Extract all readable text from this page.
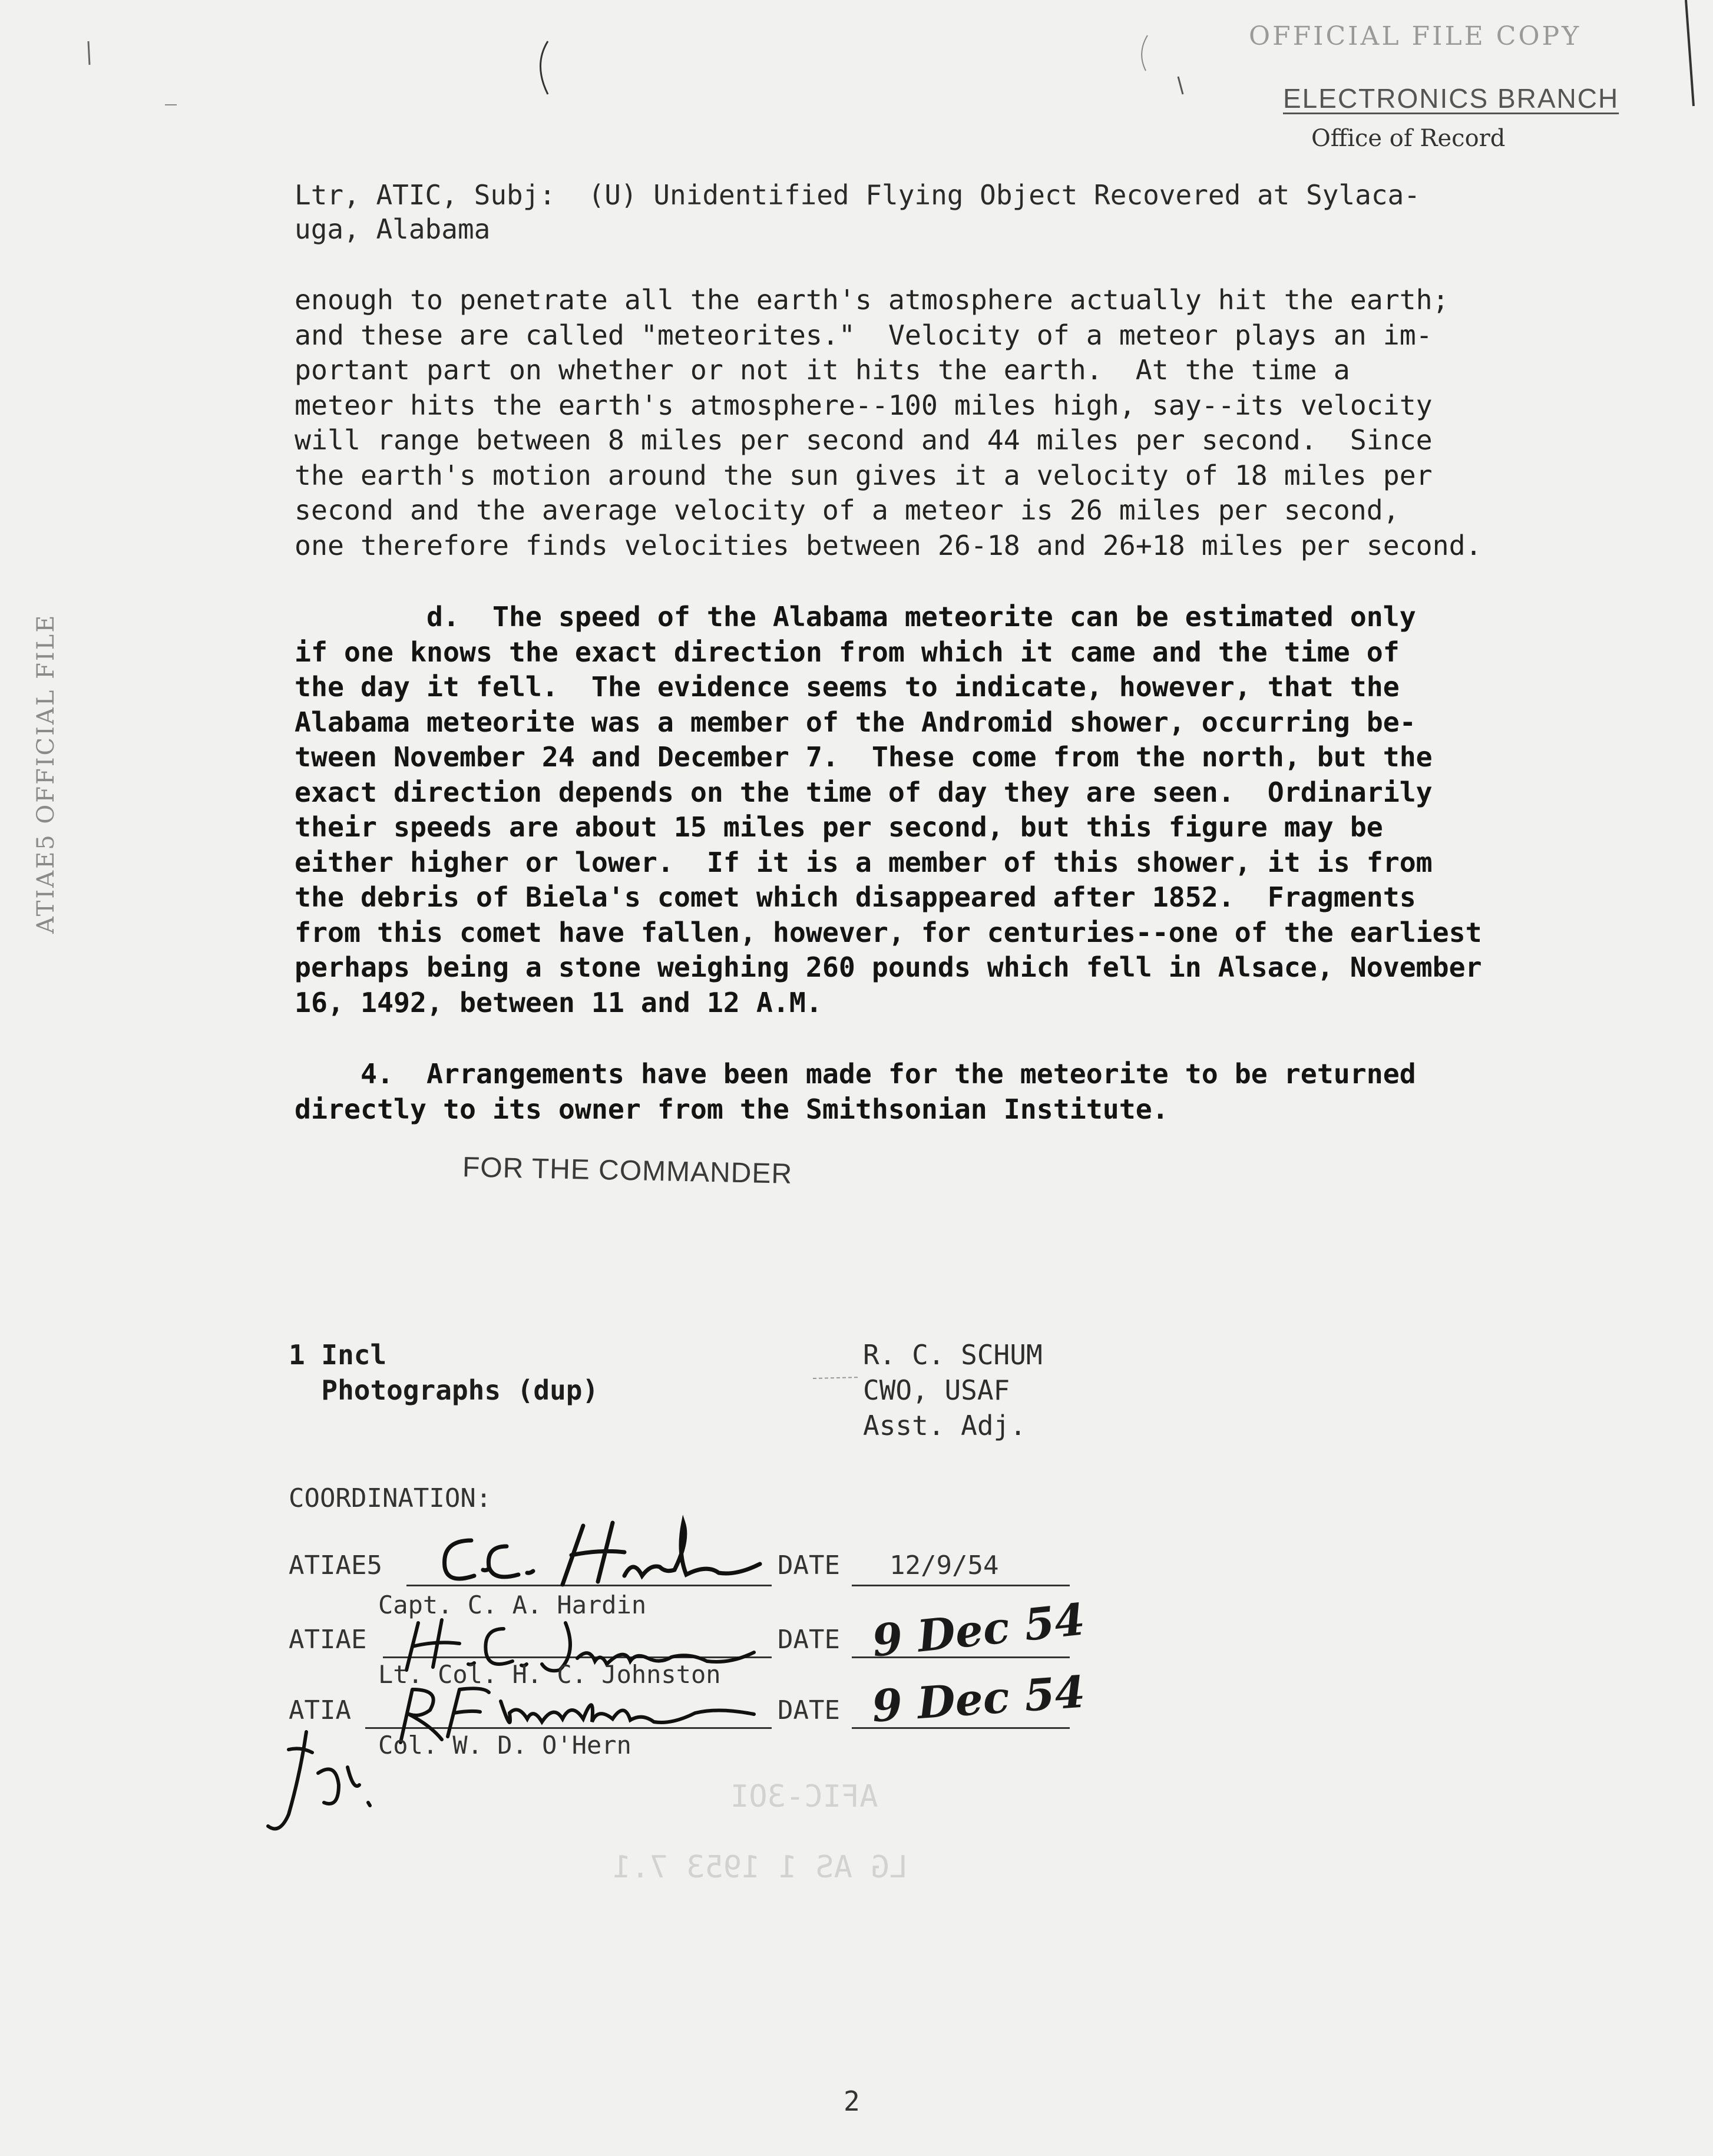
OFFICIAL FILE COPY
ELECTRONICS BRANCH
Office of Record
ATIAE5 OFFICIAL FILE
Ltr, ATIC, Subj:  (U) Unidentified Flying Object Recovered at Sylaca-
uga, Alabama
enough to penetrate all the earth's atmosphere actually hit the earth;
and these are called "meteorites."  Velocity of a meteor plays an im-
portant part on whether or not it hits the earth.  At the time a
meteor hits the earth's atmosphere--100 miles high, say--its velocity
will range between 8 miles per second and 44 miles per second.  Since
the earth's motion around the sun gives it a velocity of 18 miles per
second and the average velocity of a meteor is 26 miles per second,
one therefore finds velocities between 26-18 and 26+18 miles per second.
d.  The speed of the Alabama meteorite can be estimated only
if one knows the exact direction from which it came and the time of
the day it fell.  The evidence seems to indicate, however, that the
Alabama meteorite was a member of the Andromid shower, occurring be-
tween November 24 and December 7.  These come from the north, but the
exact direction depends on the time of day they are seen.  Ordinarily
their speeds are about 15 miles per second, but this figure may be
either higher or lower.  If it is a member of this shower, it is from
the debris of Biela's comet which disappeared after 1852.  Fragments
from this comet have fallen, however, for centuries--one of the earliest
perhaps being a stone weighing 260 pounds which fell in Alsace, November
16, 1492, between 11 and 12 A.M.
4.  Arrangements have been made for the meteorite to be returned
directly to its owner from the Smithsonian Institute.
FOR THE COMMANDER
1 Incl
Photographs (dup)
R. C. SCHUM
CWO, USAF
Asst. Adj.
COORDINATION:
ATIAE5	DATE 12/9/54
Capt. C. A. Hardin
ATIAE	DATE 9 Dec 54
Lt. Col. H. C. Johnston
ATIA	DATE 9 Dec 54
Col. W. D. O'Hern
AFIC-3OI
LG AS 1 1953 7.1
2
